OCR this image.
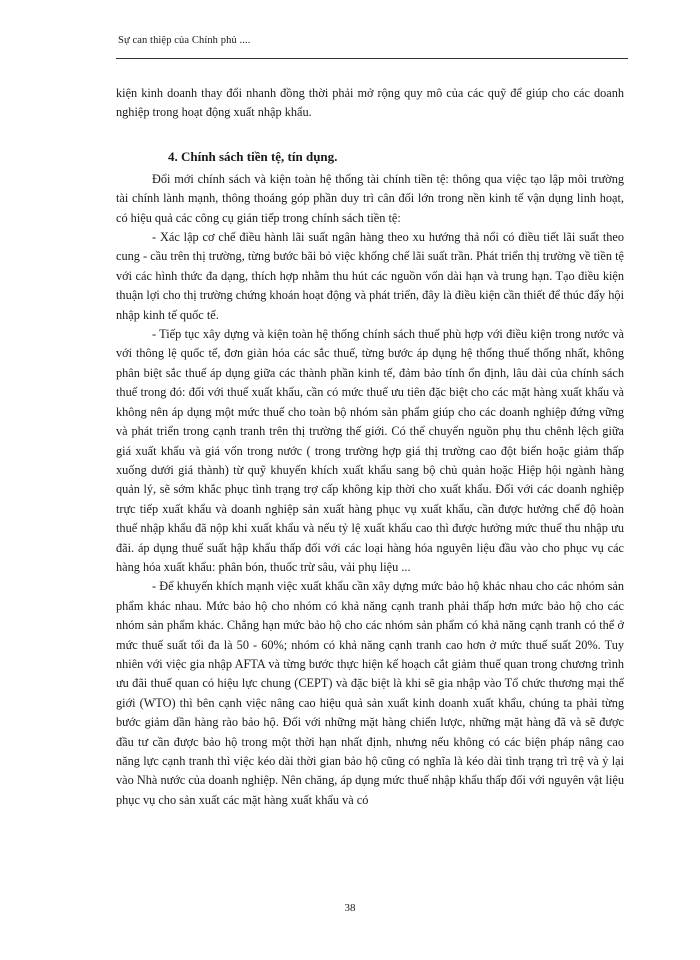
Sự can thiệp của Chính phủ ....

kiện kinh doanh thay đổi nhanh đồng thời phải mở rộng quy mô của các quỹ để giúp cho các doanh nghiệp trong hoạt động xuất nhập khẩu.

4. Chính sách tiền tệ, tín dụng.

Đổi mới chính sách và kiện toàn hệ thống tài chính tiền tệ: thông qua việc tạo lập môi trường tài chính lành mạnh, thông thoáng góp phần duy trì cân đối lớn trong nền kinh tế vận dụng linh hoạt, có hiệu quả các công cụ gián tiếp trong chính sách tiền tệ:

- Xác lập cơ chế điều hành lãi suất ngân hàng theo xu hướng thả nổi có điều tiết lãi suất theo cung - cầu trên thị trường, từng bước bãi bỏ việc khống chế lãi suất trần. Phát triển thị trường về tiền tệ với các hình thức đa dạng, thích hợp nhằm thu hút các nguồn vốn dài hạn và trung hạn. Tạo điều kiện thuận lợi cho thị trường chứng khoán hoạt động và phát triển, đây là điều kiện cần thiết để thúc đẩy hội nhập kinh tế quốc tế.

- Tiếp tục xây dựng và kiện toàn hệ thống chính sách thuế phù hợp với điều kiện trong nước và với thông lệ quốc tế, đơn giản hóa các sắc thuế, từng bước áp dụng hệ thống thuế thống nhất, không phân biệt sắc thuế áp dụng giữa các thành phần kinh tế, đảm bảo tính ổn định, lâu dài của chính sách thuế trong đó: đối với thuế xuất khẩu, cần có mức thuế ưu tiên đặc biệt cho các mặt hàng xuất khẩu và không nên áp dụng một mức thuế cho toàn bộ nhóm sản phẩm giúp cho các doanh nghiệp đứng vững và phát triển trong cạnh tranh trên thị trường thế giới. Có thể chuyển nguồn phụ thu chênh lệch giữa giá xuất khẩu và giá vốn trong nước ( trong trường hợp giá thị trường cao đột biến hoặc giảm thấp xuống dưới giá thành) từ quỹ khuyến khích xuất khẩu sang bộ chủ quản hoặc Hiệp hội ngành hàng quản lý, sẽ sớm khắc phục tình trạng trợ cấp không kịp thời cho xuất khẩu. Đối với các doanh nghiệp trực tiếp xuất khẩu và doanh nghiệp sản xuất hàng phục vụ xuất khẩu, cần được hưởng chế độ hoàn thuế nhập khẩu đã nộp khi xuất khẩu và nếu tỷ lệ xuất khẩu cao thì được hưởng mức thuế thu nhập ưu đãi. áp dụng thuế suất hập khẩu thấp đối với các loại hàng hóa nguyên liệu đầu vào cho phục vụ các hàng hóa xuất khẩu: phân bón, thuốc trừ sâu, vải phụ liệu ...

- Để khuyến khích mạnh việc xuất khẩu cần xây dựng mức bảo hộ khác nhau cho các nhóm sản phẩm khác nhau. Mức bảo hộ cho nhóm có khả năng cạnh tranh phải thấp hơn mức bảo hộ cho các nhóm sản phẩm khác. Chẳng hạn mức bảo hộ cho các nhóm sản phẩm có khả năng cạnh tranh có thể ở mức thuế suất tối đa là 50 - 60%; nhóm có khả năng cạnh tranh cao hơn ở mức thuế suất 20%. Tuy nhiên với việc gia nhập AFTA và từng bước thực hiện kế hoạch cắt giảm thuế quan trong chương trình ưu đãi thuế quan có hiệu lực chung (CEPT) và đặc biệt là khi sẽ gia nhập vào Tổ chức thương mại thế giới (WTO) thì bên cạnh việc nâng cao hiệu quả sản xuất kinh doanh xuất khẩu, chúng ta phải từng bước giảm dần hàng rào bảo hộ. Đối với những mặt hàng chiến lược, những mặt hàng đã và sẽ được đầu tư cần được bảo hộ trong một thời hạn nhất định, nhưng nếu không có các biện pháp nâng cao năng lực cạnh tranh thì việc kéo dài thời gian bảo hộ cũng có nghĩa là kéo dài tình trạng trì trệ và ỷ lại vào Nhà nước của doanh nghiệp. Nên chăng, áp dụng mức thuế nhập khẩu thấp đối với nguyên vật liệu phục vụ cho sản xuất các mặt hàng xuất khẩu và có

38
